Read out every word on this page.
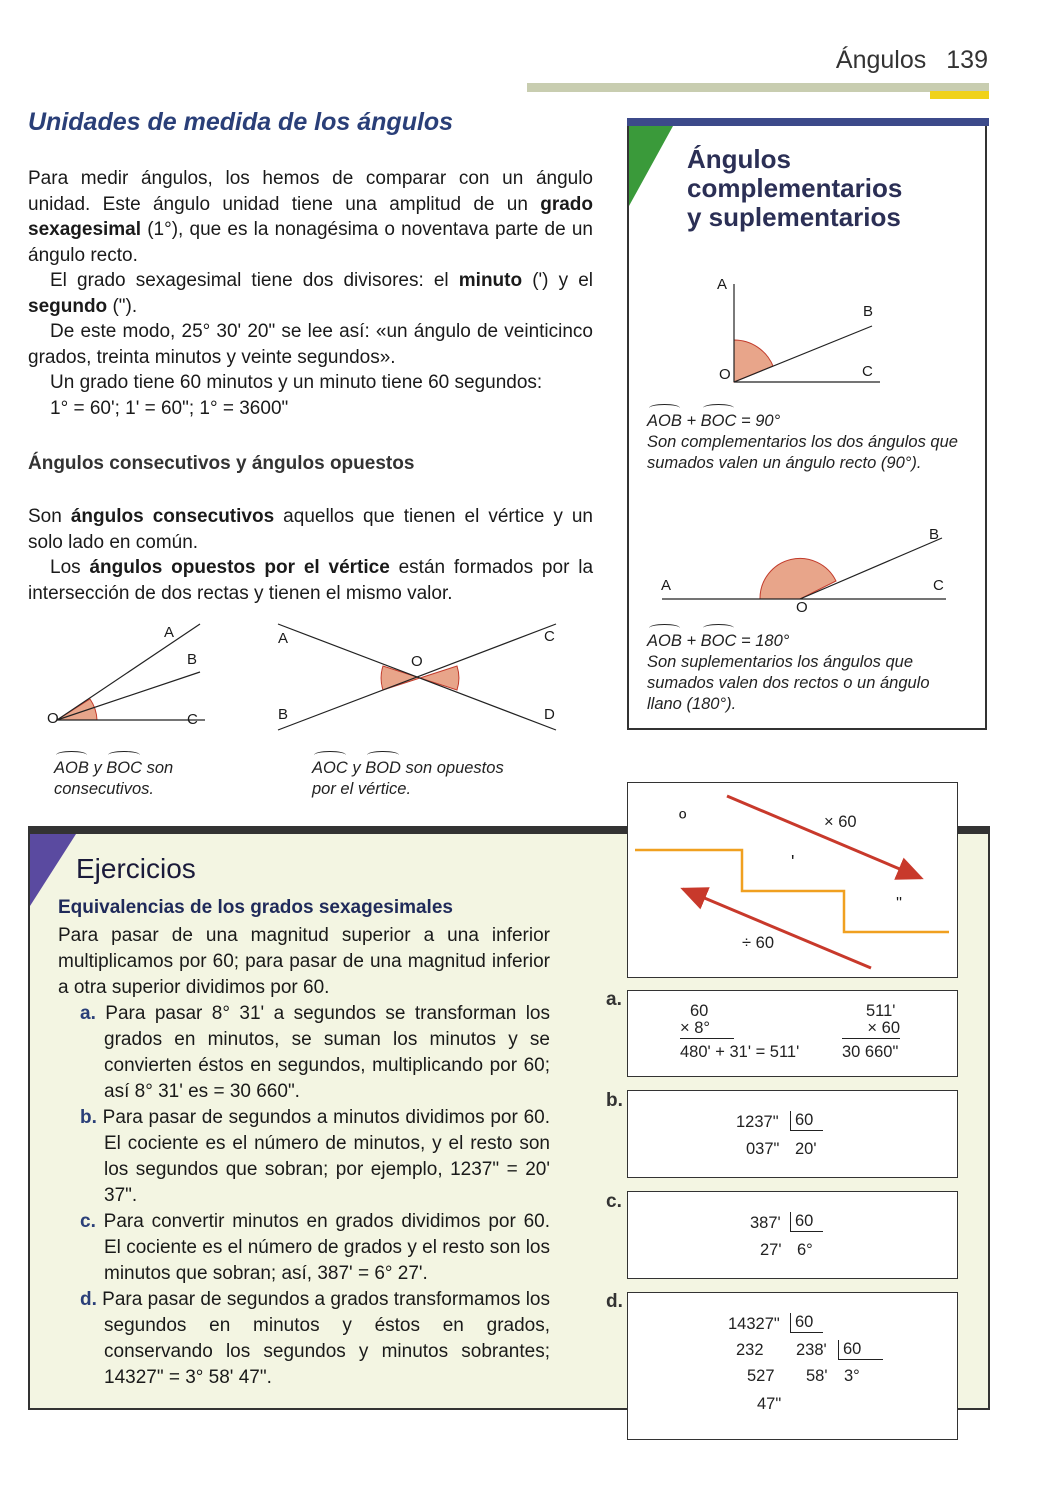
Ángulos 139
Unidades de medida de los ángulos

Para medir ángulos, los hemos de comparar con un ángulo unidad. Este ángulo unidad tiene una amplitud de un grado sexagesimal (1°), que es la nonagésima o noventava parte de un ángulo recto.

El grado sexagesimal tiene dos divisores: el minuto (') y el segundo (").

De este modo, 25° 30' 20" se lee así: «un ángulo de veinticinco grados, treinta minutos y veinte segundos».

Un grado tiene 60 minutos y un minuto tiene 60 segundos:

1° = 60'; 1' = 60"; 1° = 3600"

Ángulos consecutivos y ángulos opuestos

Son ángulos consecutivos aquellos que tienen el vértice y un solo lado en común.

Los ángulos opuestos por el vértice están formados por la intersección de dos rectas y tienen el mismo valor.

A
B
O	C
AOB y BOC son
consecutivos.
A	C
O
B	D
AOC y BOD son opuestos
por el vértice.
Ángulos
complementarios
y suplementarios
A
B
O	C
AOB + BOC = 90°
Son complementarios los dos ángulos que sumados valen un ángulo recto (90°).
B
A	C
O
AOB + BOC = 180°
Son suplementarios los ángulos que sumados valen dos rectos o un ángulo llano (180°).
Ejercicios
Equivalencias de los grados sexagesimales

Para pasar de una magnitud superior a una inferior multiplicamos por 60; para pasar de una magnitud inferior a otra superior dividimos por 60.

a. Para pasar 8° 31' a segundos se transforman los grados en minutos, se suman los minutos y se convierten éstos en segundos, multiplicando por 60; así 8° 31' es = 30 660".

b. Para pasar de segundos a minutos dividimos por 60. El cociente es el número de minutos, y el resto son los segundos que sobran; por ejemplo, 1237" = 20' 37".

c. Para convertir minutos en grados dividimos por 60. El cociente es el número de grados y el resto son los minutos que sobran; así, 387' = 6° 27'.

d. Para pasar de segundos a grados transformamos los segundos en minutos y éstos en grados, conservando los segundos y minutos sobrantes; 14327" = 3° 58' 47".

º
'
''
× 60
÷ 60
a.
60
× 8°
480' + 31' = 511'
511'
× 60
30 660"
b.
1237" 60
037" 20'
c.
387' 60
27' 6°
d.
14327" 60
232 238' 60
527 58' 3°
47"
